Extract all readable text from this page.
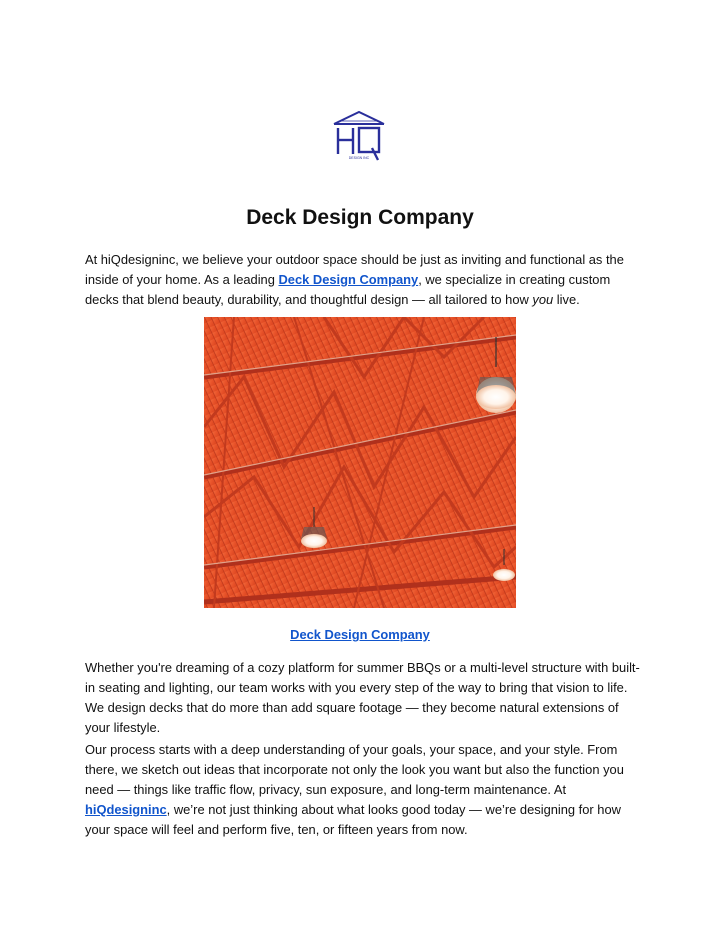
DESIGN INC
Deck Design Company

At hiQdesigninc, we believe your outdoor space should be just as inviting and functional as the inside of your home. As a leading Deck Design Company, we specialize in creating custom decks that blend beauty, durability, and thoughtful design — all tailored to how you live.

Deck Design Company

Whether you're dreaming of a cozy platform for summer BBQs or a multi-level structure with built-in seating and lighting, our team works with you every step of the way to bring that vision to life. We design decks that do more than add square footage — they become natural extensions of your lifestyle.

Our process starts with a deep understanding of your goals, your space, and your style. From there, we sketch out ideas that incorporate not only the look you want but also the function you need — things like traffic flow, privacy, sun exposure, and long-term maintenance. At hiQdesigninc, we’re not just thinking about what looks good today — we’re designing for how your space will feel and perform five, ten, or fifteen years from now.
